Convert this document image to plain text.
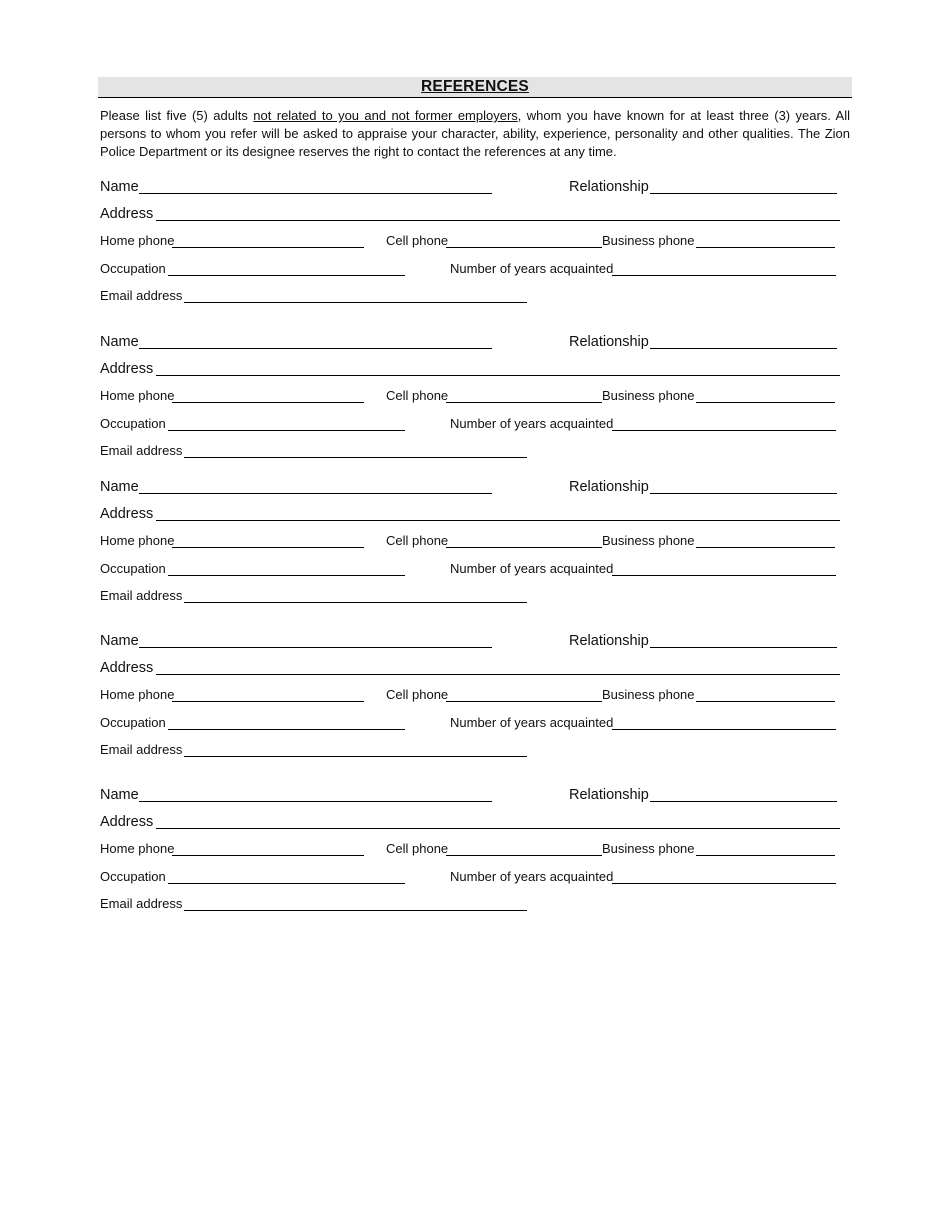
REFERENCES
Please list five (5) adults not related to you and not former employers, whom you have known for at least three (3) years. All persons to whom you refer will be asked to appraise your character, ability, experience, personality and other qualities. The Zion Police Department or its designee reserves the right to contact the references at any time.
Name	Relationship
Address
Home phone	Cell phone	Business phone
Occupation	Number of years acquainted
Email address
Name	Relationship
Address
Home phone	Cell phone	Business phone
Occupation	Number of years acquainted
Email address
Name	Relationship
Address
Home phone	Cell phone	Business phone
Occupation	Number of years acquainted
Email address
Name	Relationship
Address
Home phone	Cell phone	Business phone
Occupation	Number of years acquainted
Email address
Name	Relationship
Address
Home phone	Cell phone	Business phone
Occupation	Number of years acquainted
Email address
